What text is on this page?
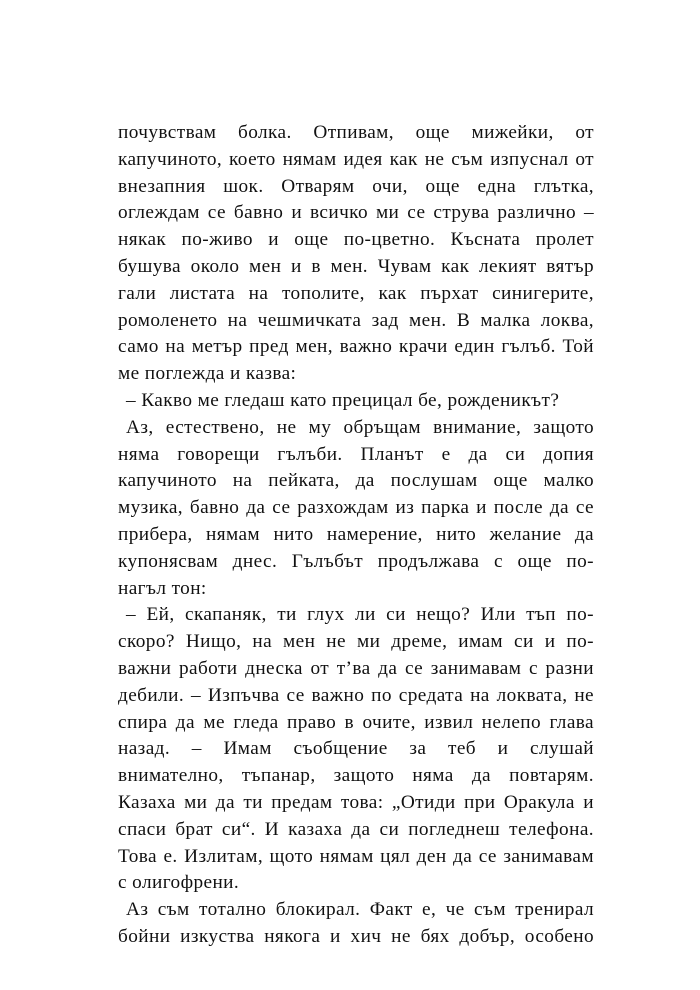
почувствам болка. Отпивам, още мижейки, от
капучиното, което нямам идея как не съм изпуснал от
внезапния шок. Отварям очи, още една глътка,
оглеждам се бавно и всичко ми се струва различно –
някак по-живо и още по-цветно. Късната пролет
бушува около мен и в мен. Чувам как лекият вятър
гали листата на тополите, как пърхат синигерите,
ромоленето на чешмичката зад мен. В малка локва,
само на метър пред мен, важно крачи един гълъб. Той
ме поглежда и казва:
– Какво ме гледаш като прецицал бе, рожденикът?
Аз, естествено, не му обръщам внимание, защото
няма говорещи гълъби. Планът е да си допия
капучиното на пейката, да послушам още малко
музика, бавно да се разхождам из парка и после да се
прибера, нямам нито намерение, нито желание да
купонясвам днес. Гълъбът продължава с още по-
нагъл тон:
– Ей, скапаняк, ти глух ли си нещо? Или тъп по-
скоро? Нищо, на мен не ми дреме, имам си и по-
важни работи днеска от т’ва да се занимавам с разни
дебили. – Изпъчва се важно по средата на локвата, не
спира да ме гледа право в очите, извил нелепо глава
назад. – Имам съобщение за теб и слушай
внимателно, тъпанар, защото няма да повтарям.
Казаха ми да ти предам това: „Отиди при Оракула и
спаси брат си“. И казаха да си погледнеш телефона.
Това е. Излитам, щото нямам цял ден да се занимавам
с олигофрени.
Аз съм тотално блокирал. Факт е, че съм тренирал
бойни изкуства някога и хич не бях добър, особено
